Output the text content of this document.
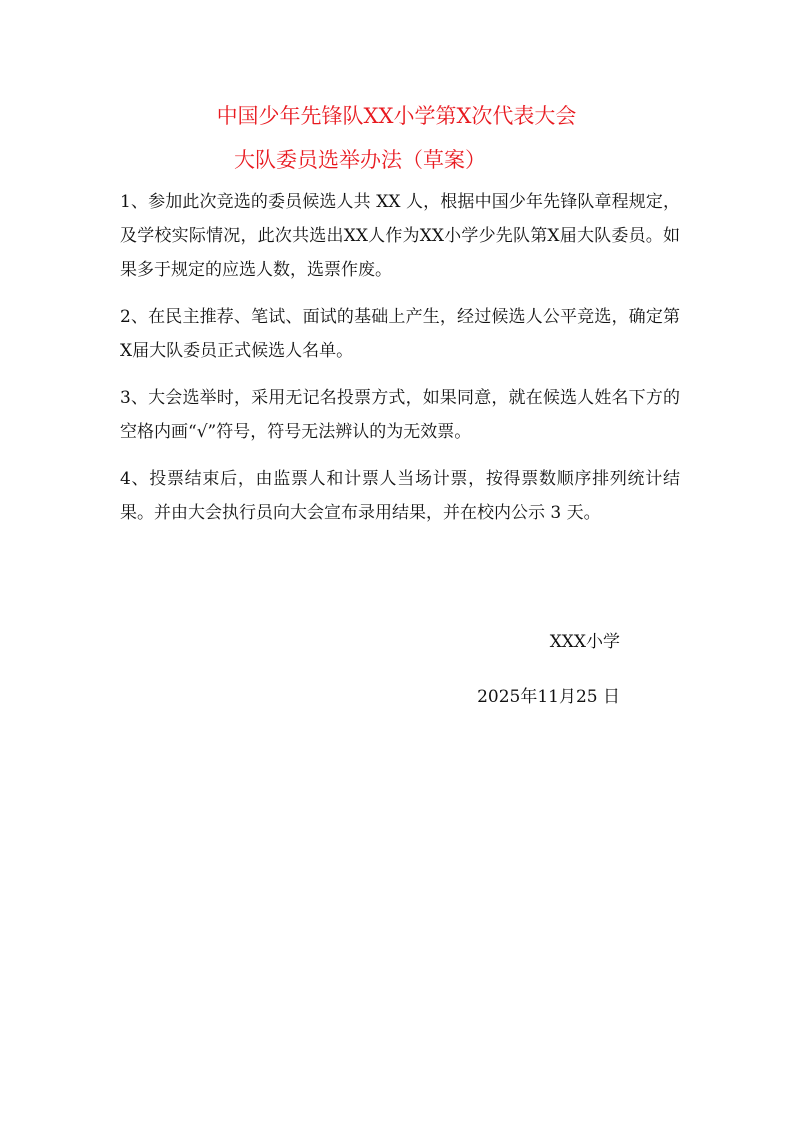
中国少年先锋队XX小学第X次代表大会
大队委员选举办法（草案）

1、参加此次竞选的委员候选人共 XX 人，根据中国少年先锋队章程规定，及学校实际情况，此次共选出XX人作为XX小学少先队第X届大队委员。如果多于规定的应选人数，选票作废。

2、在民主推荐、笔试、面试的基础上产生，经过候选人公平竞选，确定第X届大队委员正式候选人名单。

3、大会选举时，采用无记名投票方式，如果同意，就在候选人姓名下方的空格内画“√”符号，符号无法辨认的为无效票。

4、投票结束后，由监票人和计票人当场计票，按得票数顺序排列统计结果。并由大会执行员向大会宣布录用结果，并在校内公示 3 天。

XXX小学
2025年11月25 日
